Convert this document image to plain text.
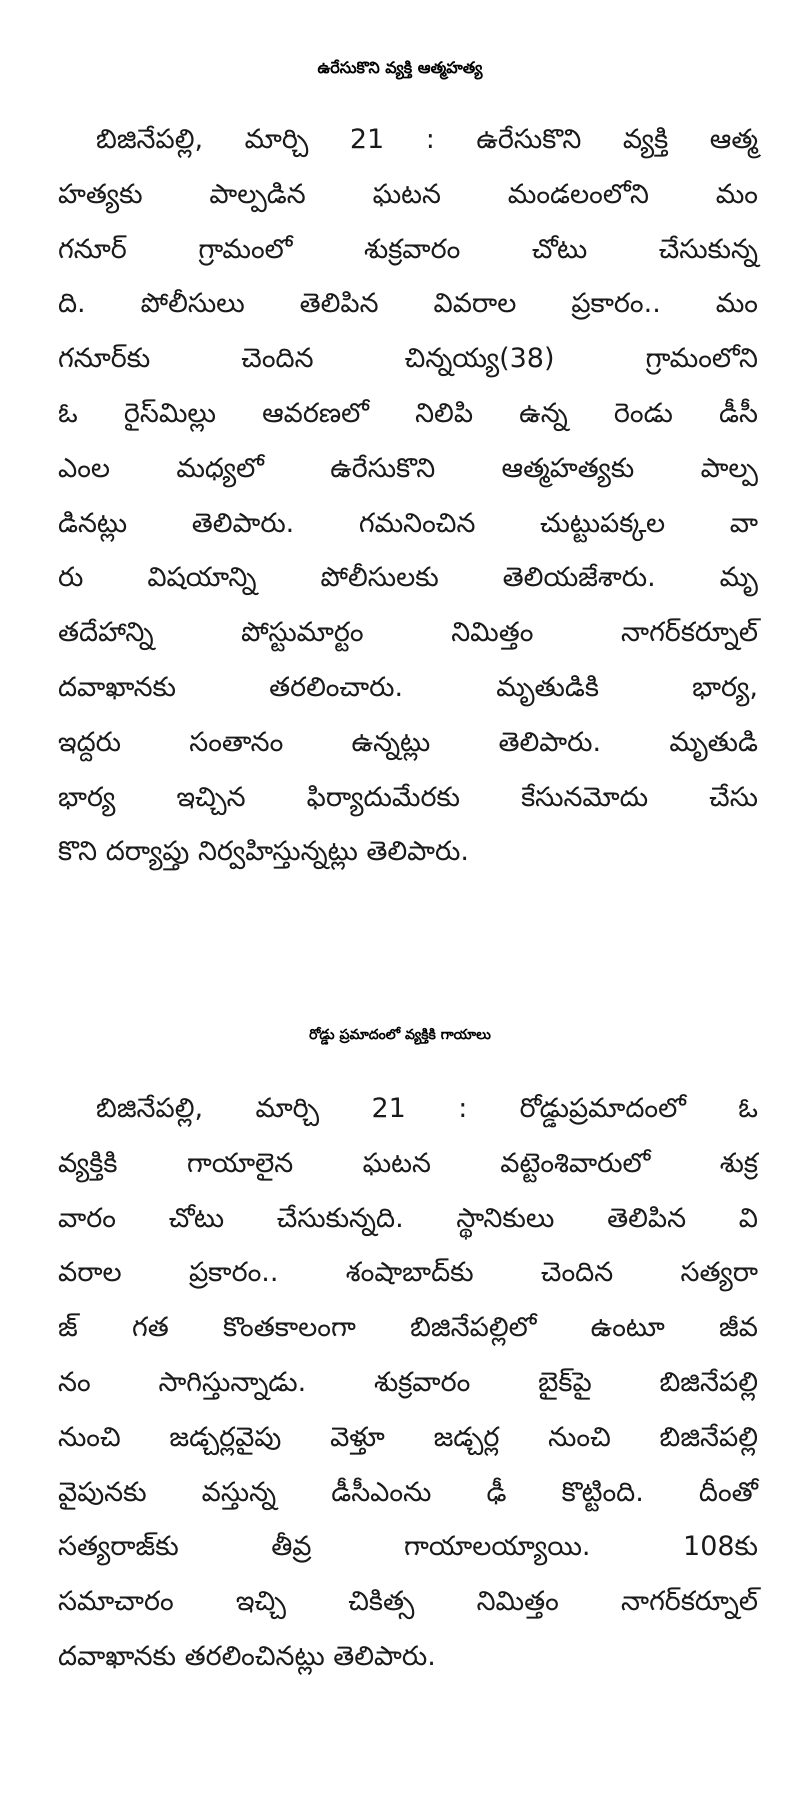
ఉరేసుకొని వ్యక్తి ఆత్మహత్య
బిజినేపల్లి, మార్చి 21 : ఉరేసుకొని వ్యక్తి ఆత్మ
హత్యకు పాల్పడిన ఘటన మండలంలోని మం
గనూర్ గ్రామంలో శుక్రవారం చోటు చేసుకున్న
ది. పోలీసులు తెలిపిన వివరాల ప్రకారం.. మం
గనూర్‌కు చెందిన చిన్నయ్య(38) గ్రామంలోని
ఓ రైస్‌మిల్లు ఆవరణలో నిలిపి ఉన్న రెండు డీసీ
ఎంల మధ్యలో ఉరేసుకొని ఆత్మహత్యకు పాల్ప
డినట్లు తెలిపారు. గమనించిన చుట్టుపక్కల వా
రు విషయాన్ని పోలీసులకు తెలియజేశారు. మృ
తదేహాన్ని పోస్టుమార్టం నిమిత్తం నాగర్‌కర్నూల్
దవాఖానకు తరలించారు. మృతుడికి భార్య,
ఇద్దరు సంతానం ఉన్నట్లు తెలిపారు. మృతుడి
భార్య ఇచ్చిన ఫిర్యాదుమేరకు కేసునమోదు చేసు
కొని దర్యాప్తు నిర్వహిస్తున్నట్లు తెలిపారు.
రోడ్డు ప్రమాదంలో వ్యక్తికి గాయాలు
బిజినేపల్లి, మార్చి 21 : రోడ్డుప్రమాదంలో ఓ
వ్యక్తికి గాయాలైన ఘటన వట్టెంశివారులో శుక్ర
వారం చోటు చేసుకున్నది. స్థానికులు తెలిపిన వి
వరాల ప్రకారం.. శంషాబాద్‌కు చెందిన సత్యరా
జ్ గత కొంతకాలంగా బిజినేపల్లిలో ఉంటూ జీవ
నం సాగిస్తున్నాడు. శుక్రవారం బైక్‌పై బిజినేపల్లి
నుంచి జడ్చర్లవైపు వెళ్తూ జడ్చర్ల నుంచి బిజినేపల్లి
వైపునకు వస్తున్న డీసీఎంను ఢీ కొట్టింది. దీంతో
సత్యరాజ్‌కు తీవ్ర గాయాలయ్యాయి. 108కు
సమాచారం ఇచ్చి చికిత్స నిమిత్తం నాగర్‌కర్నూల్
దవాఖానకు తరలించినట్లు తెలిపారు.
